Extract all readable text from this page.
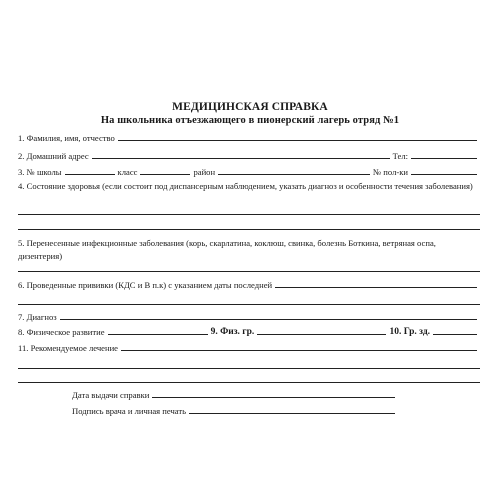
МЕДИЦИНСКАЯ СПРАВКА
На школьника отъезжающего в пионерский лагерь отряд №1
1. Фамилия, имя, отчество
2. Домашний адрес	Тел:
3. № школы	класс	район	№ пол-ки
4. Состояние здоровья (если состоит под диспансерным наблюдением, указать диагноз и особенности течения заболевания)
5. Перенесенные инфекционные заболевания (корь, скарлатина, коклюш, свинка, болезнь Боткина, ветряная оспа, дизентерия)
6. Проведенные прививки (КДС и В п.к) с указанием даты последней
7. Диагноз
8. Физическое развитие	9. Физ. гр.	10. Гр. зд.
11. Рекомендуемое лечение
Дата выдачи справки
Подпись врача и личная печать
